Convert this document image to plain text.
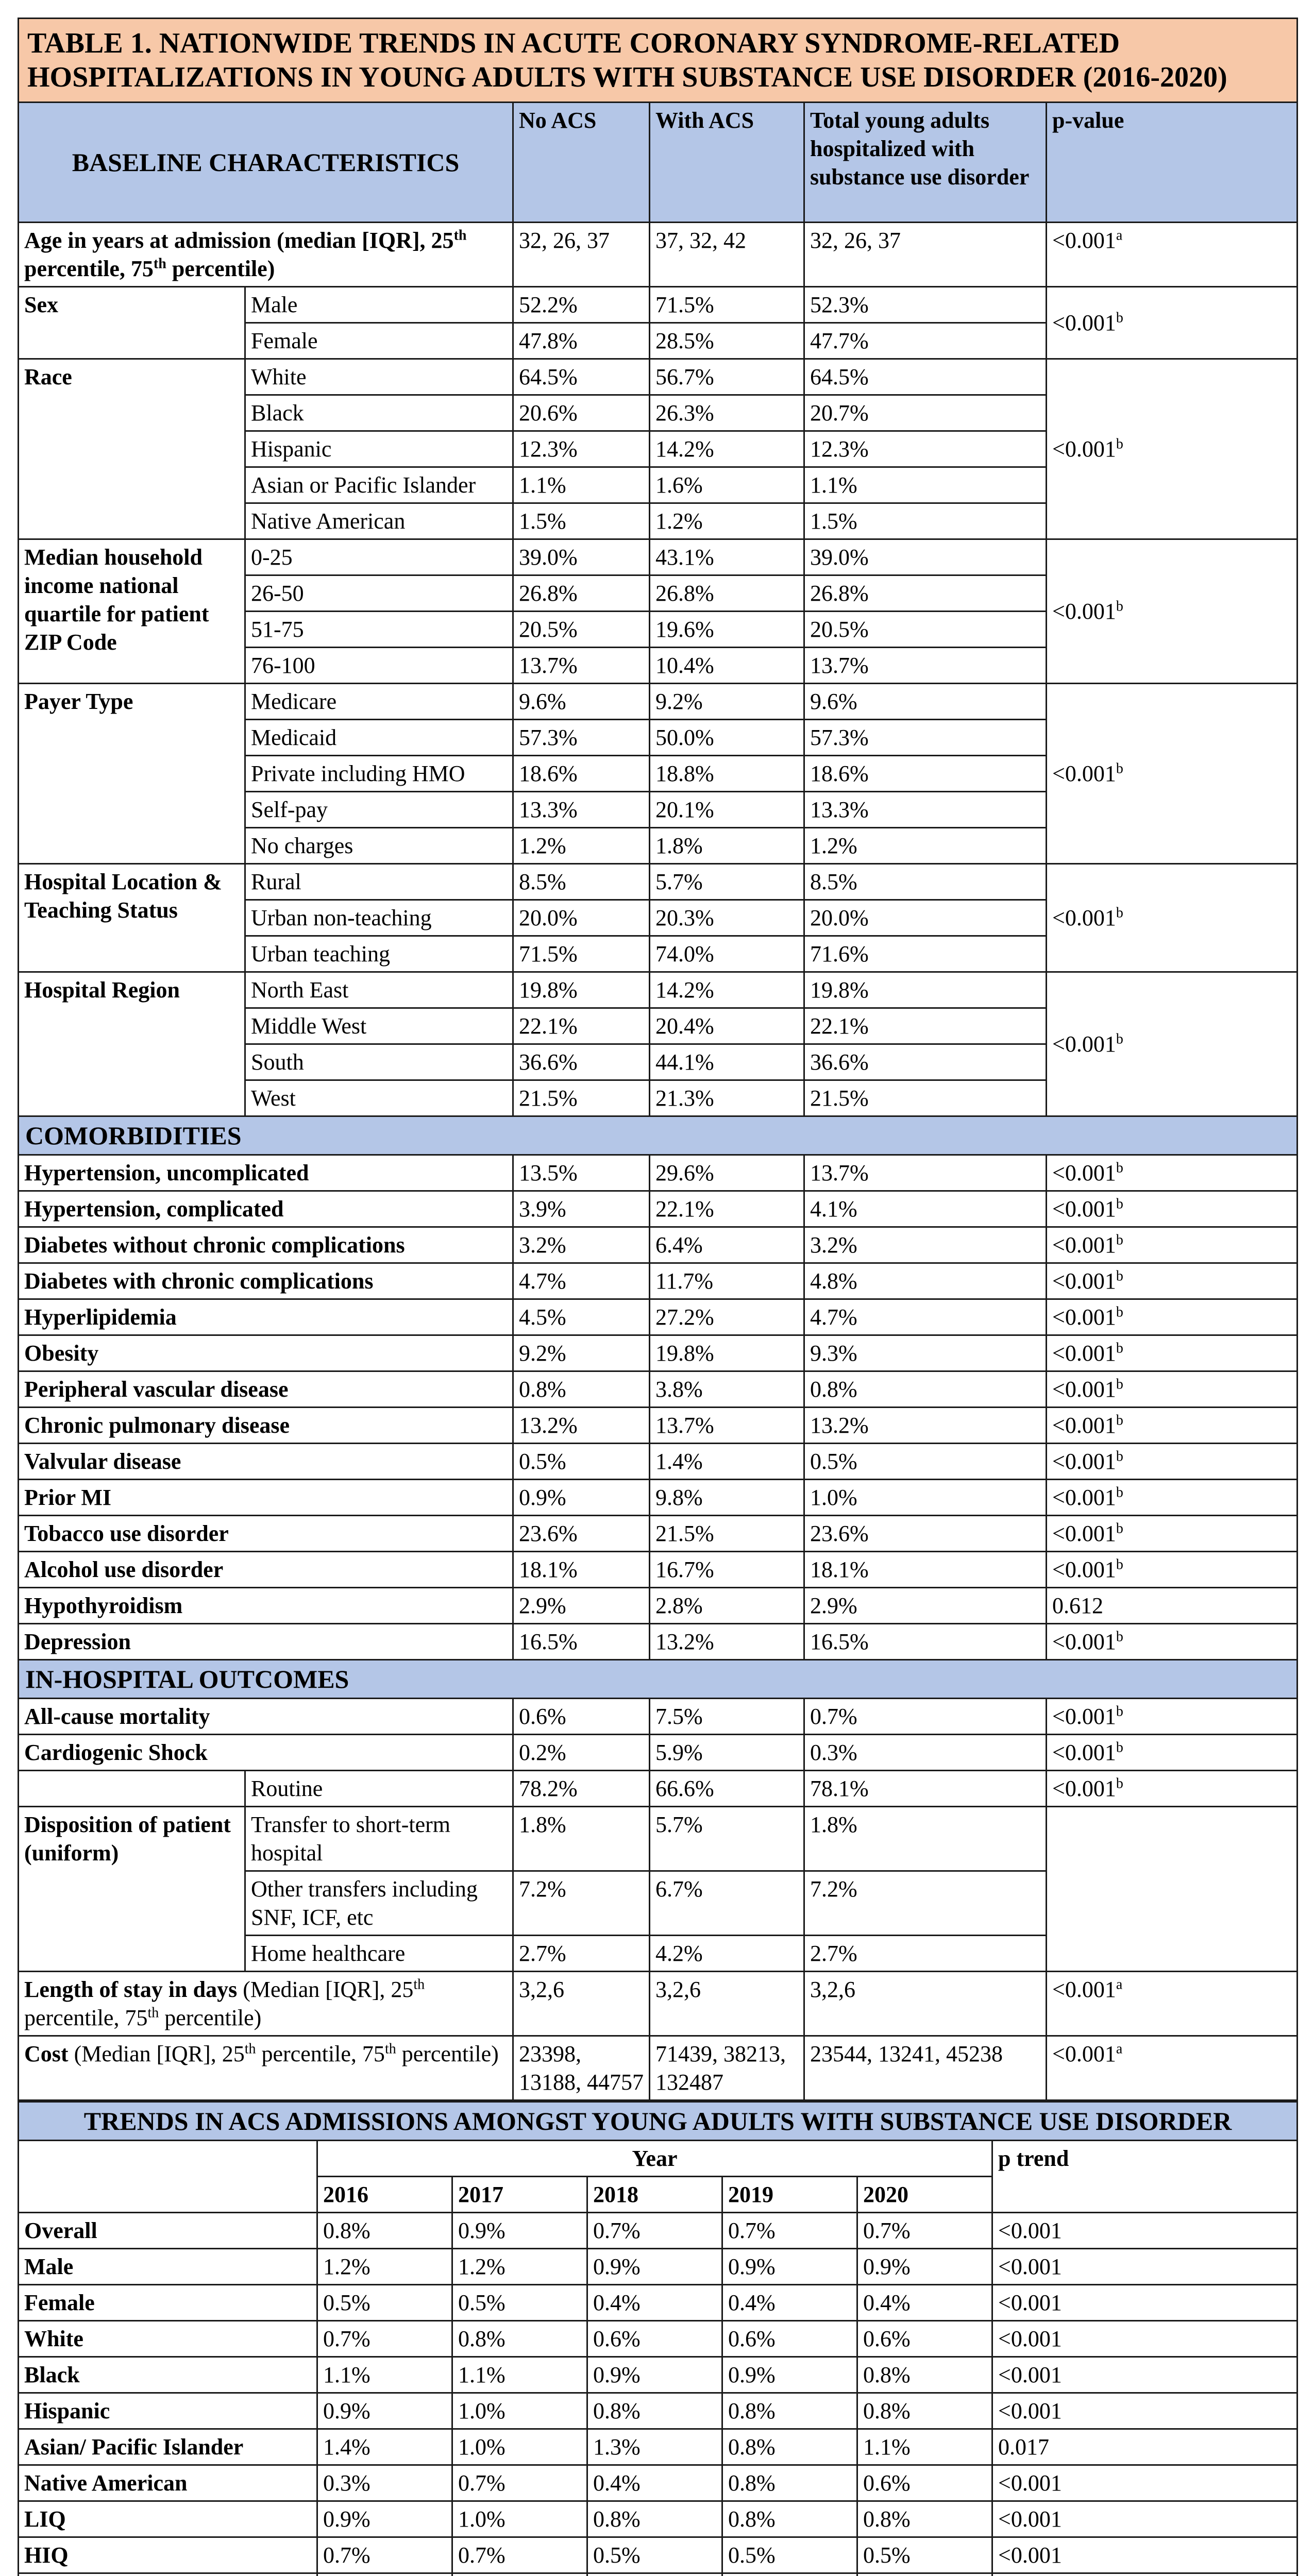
TABLE 1. NATIONWIDE TRENDS IN ACUTE CORONARY SYNDROME-RELATED HOSPITALIZATIONS IN YOUNG ADULTS WITH SUBSTANCE USE DISORDER (2016-2020)					
BASELINE CHARACTERISTICS		No ACS	With ACS	Total young adults hospitalized with substance use disorder	p-value
Age in years at admission (median [IQR], 25th percentile, 75th percentile)		32, 26, 37	37, 32, 42	32, 26, 37	<0.001$^a$
Sex	Male	52.2%	71.5%	52.3%	<0.001$^b$
	Female	47.8%	28.5%	47.7%	
Race	White	64.5%	56.7%	64.5%	<0.001$^b$
	Black	20.6%	26.3%	20.7%	
	Hispanic	12.3%	14.2%	12.3%	
	Asian or Pacific Islander	1.1%	1.6%	1.1%	
	Native American	1.5%	1.2%	1.5%	
Median household income national quartile for patient ZIP Code	0-25	39.0%	43.1%	39.0%	<0.001$^b$
	26-50	26.8%	26.8%	26.8%	
	51-75	20.5%	19.6%	20.5%	
	76-100	13.7%	10.4%	13.7%	
Payer Type	Medicare	9.6%	9.2%	9.6%	<0.001$^b$
	Medicaid	57.3%	50.0%	57.3%	
	Private including HMO	18.6%	18.8%	18.6%	
	Self-pay	13.3%	20.1%	13.3%	
	No charges	1.2%	1.8%	1.2%	
Hospital Location & Teaching Status	Rural	8.5%	5.7%	8.5%	<0.001$^b$
	Urban non-teaching	20.0%	20.3%	20.0%	
	Urban teaching	71.5%	74.0%	71.6%	
Hospital Region	North East	19.8%	14.2%	19.8%	<0.001$^b$
	Middle West	22.1%	20.4%	22.1%	
	South	36.6%	44.1%	36.6%	
	West	21.5%	21.3%	21.5%	
COMORBIDITIES					
Hypertension, uncomplicated		13.5%	29.6%	13.7%	<0.001$^b$
Hypertension, complicated		3.9%	22.1%	4.1%	<0.001$^b$
Diabetes without chronic complications		3.2%	6.4%	3.2%	<0.001$^b$
Diabetes with chronic complications		4.7%	11.7%	4.8%	<0.001$^b$
Hyperlipidemia		4.5%	27.2%	4.7%	<0.001$^b$
Obesity		9.2%	19.8%	9.3%	<0.001$^b$
Peripheral vascular disease		0.8%	3.8%	0.8%	<0.001$^b$
Chronic pulmonary disease		13.2%	13.7%	13.2%	<0.001$^b$
Valvular disease		0.5%	1.4%	0.5%	<0.001$^b$
Prior MI		0.9%	9.8%	1.0%	<0.001$^b$
Tobacco use disorder		23.6%	21.5%	23.6%	<0.001$^b$
Alcohol use disorder		18.1%	16.7%	18.1%	<0.001$^b$
Hypothyroidism		2.9%	2.8%	2.9%	0.612
Depression		16.5%	13.2%	16.5%	<0.001$^b$
IN-HOSPITAL OUTCOMES					
All-cause mortality		0.6%	7.5%	0.7%	<0.001$^b$
Cardiogenic Shock		0.2%	5.9%	0.3%	<0.001$^b$
	Routine	78.2%	66.6%	78.1%	<0.001$^b$
Disposition of patient (uniform)	Transfer to short-term hospital	1.8%	5.7%	1.8%	
	Other transfers including SNF, ICF, etc	7.2%	6.7%	7.2%	
	Home healthcare	2.7%	4.2%	2.7%	
Length of stay in days (Median [IQR], 25th percentile, 75th percentile)		3,2,6	3,2,6	3,2,6	<0.001$^a$
Cost (Median [IQR], 25th percentile, 75th percentile)		23398, 13188, 44757	71439, 38213, 132487	23544, 13241, 45238	<0.001$^a$
TRENDS IN ACS ADMISSIONS AMONGST YOUNG ADULTS WITH SUBSTANCE USE DISORDER						
	Year					p trend
	2016	2017	2018	2019	2020	
Overall	0.8%	0.9%	0.7%	0.7%	0.7%	<0.001
Male	1.2%	1.2%	0.9%	0.9%	0.9%	<0.001
Female	0.5%	0.5%	0.4%	0.4%	0.4%	<0.001
White	0.7%	0.8%	0.6%	0.6%	0.6%	<0.001
Black	1.1%	1.1%	0.9%	0.9%	0.8%	<0.001
Hispanic	0.9%	1.0%	0.8%	0.8%	0.8%	<0.001
Asian/ Pacific Islander	1.4%	1.0%	1.3%	0.8%	1.1%	0.017
Native American	0.3%	0.7%	0.4%	0.8%	0.6%	<0.001
LIQ	0.9%	1.0%	0.8%	0.8%	0.8%	<0.001
HIQ	0.7%	0.7%	0.5%	0.5%	0.5%	<0.001
